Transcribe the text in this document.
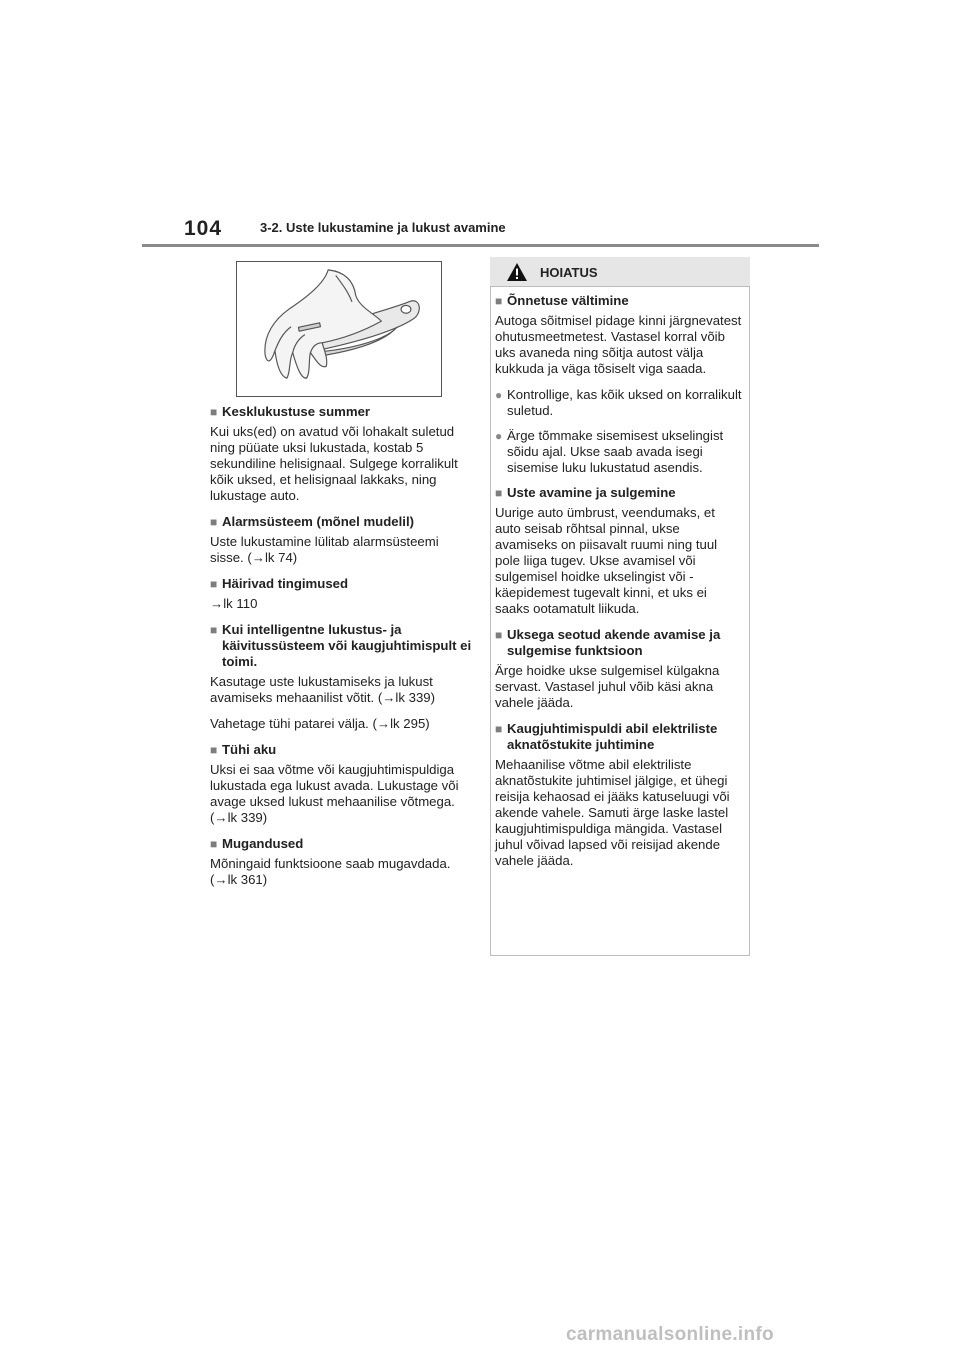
104	3-2. Uste lukustamine ja lukust avamine
■ Kesklukustuse summer
Kui uks(ed) on avatud või lohakalt suletud ning püüate uksi lukustada, kostab 5 sekundiline helisignaal. Sulgege korralikult kõik uksed, et helisignaal lakkaks, ning lukustage auto.
■ Alarmsüsteem (mõnel mudelil)
Uste lukustamine lülitab alarmsüsteemi sisse. (→lk 74)
■ Häirivad tingimused
→lk 110
■ Kui intelligentne lukustus- ja käivitussüsteem või kaugjuhtimispult ei toimi.
Kasutage uste lukustamiseks ja lukust avamiseks mehaanilist võtit. (→lk 339)
Vahetage tühi patarei välja. (→lk 295)
■ Tühi aku
Uksi ei saa võtme või kaugjuhtimispuldiga lukustada ega lukust avada. Lukustage või avage uksed lukust mehaanilise võtmega. (→lk 339)
■ Mugandused
Mõningaid funktsioone saab mugavdada. (→lk 361)
HOIATUS
■ Õnnetuse vältimine
Autoga sõitmisel pidage kinni järgnevatest ohutusmeetmetest. Vastasel korral võib uks avaneda ning sõitja autost välja kukkuda ja väga tõsiselt viga saada.
● Kontrollige, kas kõik uksed on korralikult suletud.
● Ärge tõmmake sisemisest ukselingist sõidu ajal. Ukse saab avada isegi sisemise luku lukustatud asendis.
■ Uste avamine ja sulgemine
Uurige auto ümbrust, veendumaks, et auto seisab rõhtsal pinnal, ukse avamiseks on piisavalt ruumi ning tuul pole liiga tugev. Ukse avamisel või sulgemisel hoidke ukselingist või - käepidemest tugevalt kinni, et uks ei saaks ootamatult liikuda.
■ Uksega seotud akende avamise ja sulgemise funktsioon
Ärge hoidke ukse sulgemisel külgakna servast. Vastasel juhul võib käsi akna vahele jääda.
■ Kaugjuhtimispuldi abil elektriliste aknatõstukite juhtimine
Mehaanilise võtme abil elektriliste aknatõstukite juhtimisel jälgige, et ühegi reisija kehaosad ei jääks katuseluugi või akende vahele. Samuti ärge laske lastel kaugjuhtimispuldiga mängida. Vastasel juhul võivad lapsed või reisijad akende vahele jääda.
carmanualsonline.info
